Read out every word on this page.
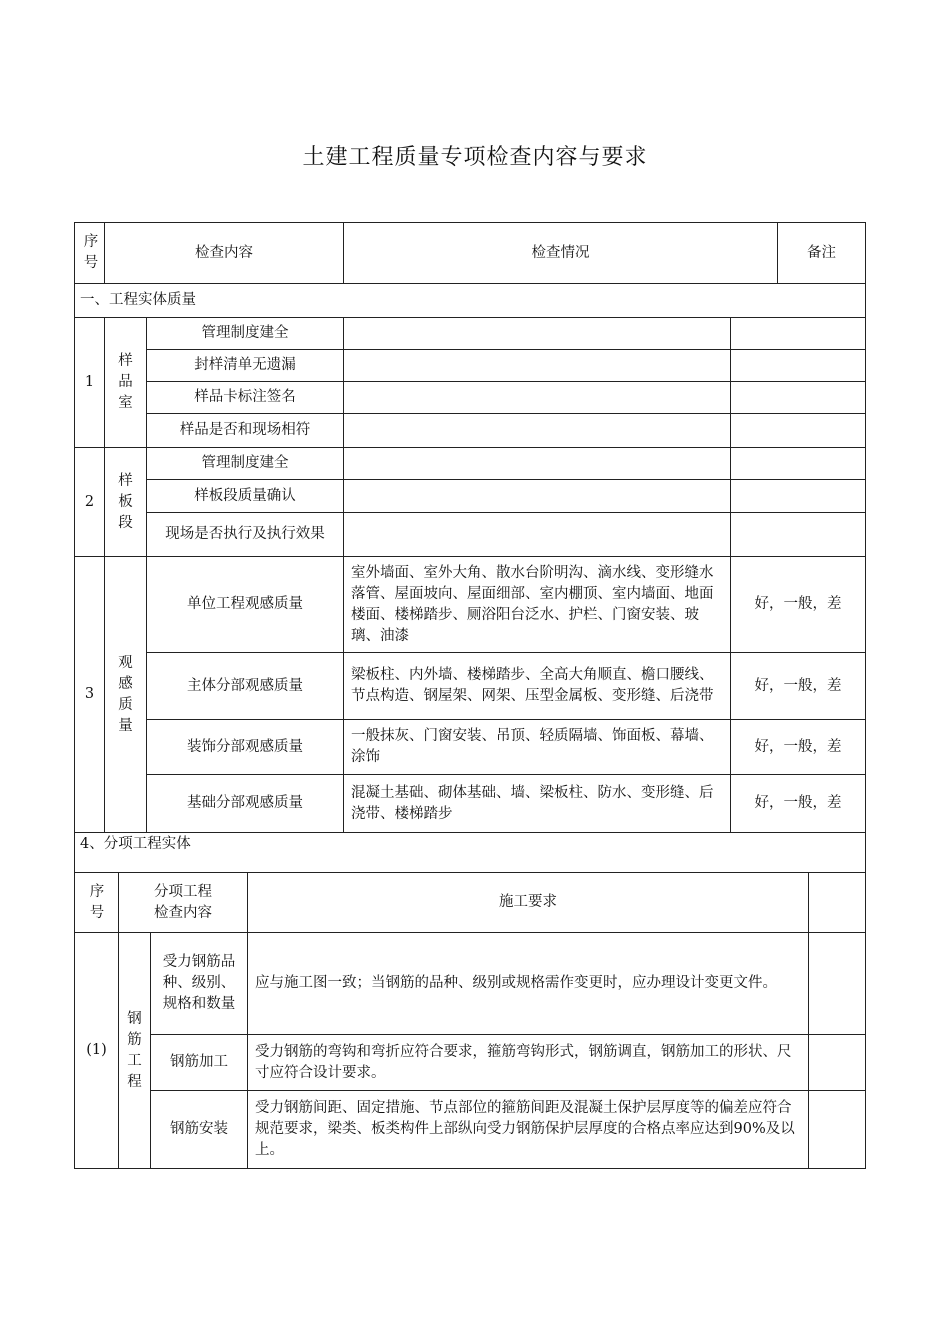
土建工程质量专项检查内容与要求
序号
检查内容	检查情况	备注
一、工程实体质量
1
样品室
管理制度建全
封样清单无遗漏
样品卡标注签名
样品是否和现场相符
2
样板段
管理制度建全
样板段质量确认
现场是否执行及执行效果
3
观感质量
单位工程观感质量
室外墙面、室外大角、散水台阶明沟、滴水线、变形缝水落管、屋面坡向、屋面细部、室内棚顶、室内墙面、地面楼面、楼梯踏步、厕浴阳台泛水、护栏、门窗安装、玻璃、油漆
好，一般，差
主体分部观感质量
梁板柱、内外墙、楼梯踏步、全高大角顺直、檐口腰线、节点构造、钢屋架、网架、压型金属板、变形缝、后浇带
好，一般，差
装饰分部观感质量
一般抹灰、门窗安装、吊顶、轻质隔墙、饰面板、幕墙、涂饰
好，一般，差
基础分部观感质量
混凝土基础、砌体基础、墙、梁板柱、防水、变形缝、后浇带、楼梯踏步
好，一般，差
4、分项工程实体
序号
分项工程
检查内容
施工要求
(1)
钢筋工程
受力钢筋品种、级别、规格和数量
应与施工图一致；当钢筋的品种、级别或规格需作变更时，应办理设计变更文件。
钢筋加工
受力钢筋的弯钩和弯折应符合要求，箍筋弯钩形式，钢筋调直，钢筋加工的形状、尺寸应符合设计要求。
钢筋安装
受力钢筋间距、固定措施、节点部位的箍筋间距及混凝土保护层厚度等的偏差应符合规范要求，梁类、板类构件上部纵向受力钢筋保护层厚度的合格点率应达到90%及以上。
